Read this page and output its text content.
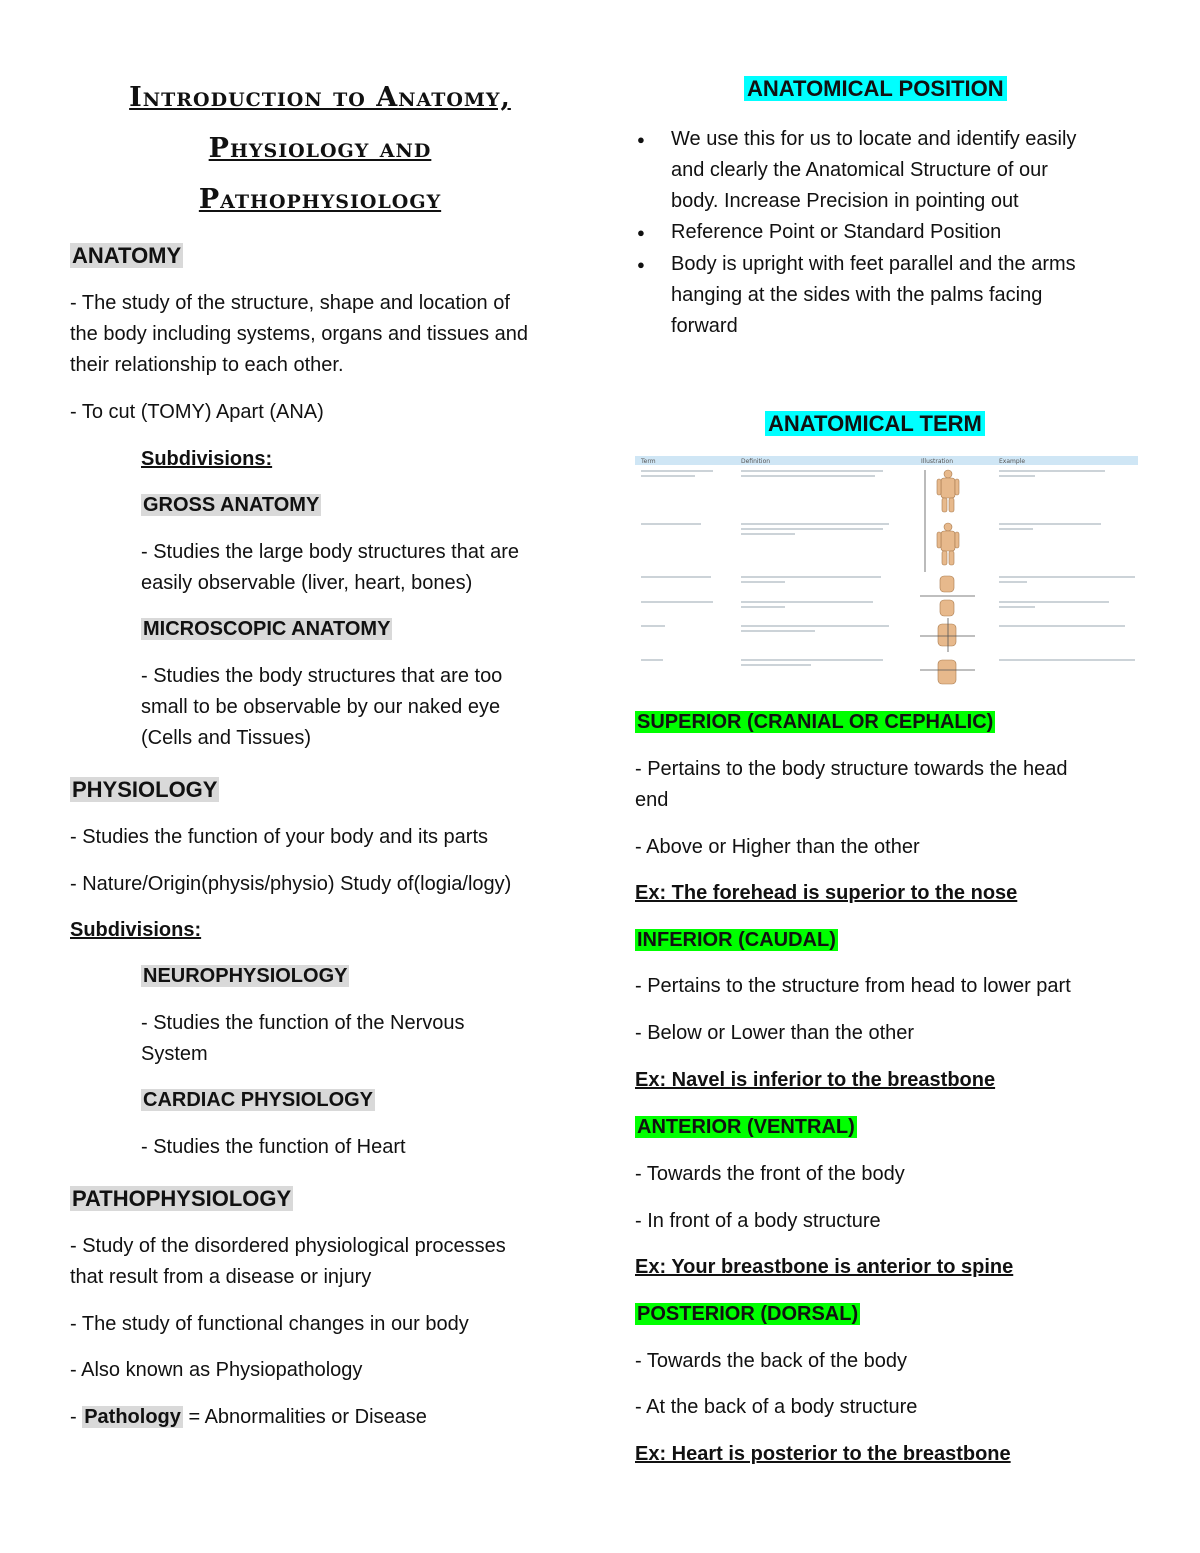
Introduction to Anatomy,
Physiology and
Pathophysiology
ANATOMY
- The study of the structure, shape and location of
the body including systems, organs and tissues and
their relationship to each other.
- To cut (TOMY) Apart (ANA)
Subdivisions:
GROSS ANATOMY
- Studies the large body structures that are
easily observable (liver, heart, bones)
MICROSCOPIC ANATOMY
- Studies the body structures that are too
small to be observable by our naked eye
(Cells and Tissues)
PHYSIOLOGY
- Studies the function of your body and its parts
- Nature/Origin(physis/physio) Study of(logia/logy)
Subdivisions:
NEUROPHYSIOLOGY
- Studies the function of the Nervous
System
CARDIAC PHYSIOLOGY
- Studies the function of Heart
PATHOPHYSIOLOGY
- Study of the disordered physiological processes
that result from a disease or injury
- The study of functional changes in our body
- Also known as Physiopathology
- Pathology = Abnormalities or Disease
ANATOMICAL POSITION
● We use this for us to locate and identify easily
and clearly the Anatomical Structure of our
body. Increase Precision in pointing out
● Reference Point or Standard Position
● Body is upright with feet parallel and the arms
hanging at the sides with the palms facing
forward
ANATOMICAL TERM
Term	Definition	Illustration	Example
SUPERIOR (CRANIAL OR CEPHALIC)
- Pertains to the body structure towards the head
end
- Above or Higher than the other
Ex: The forehead is superior to the nose
INFERIOR (CAUDAL)
- Pertains to the structure from head to lower part
- Below or Lower than the other
Ex: Navel is inferior to the breastbone
ANTERIOR (VENTRAL)
- Towards the front of the body
- In front of a body structure
Ex: Your breastbone is anterior to spine
POSTERIOR (DORSAL)
- Towards the back of the body
- At the back of a body structure
Ex: Heart is posterior to the breastbone
